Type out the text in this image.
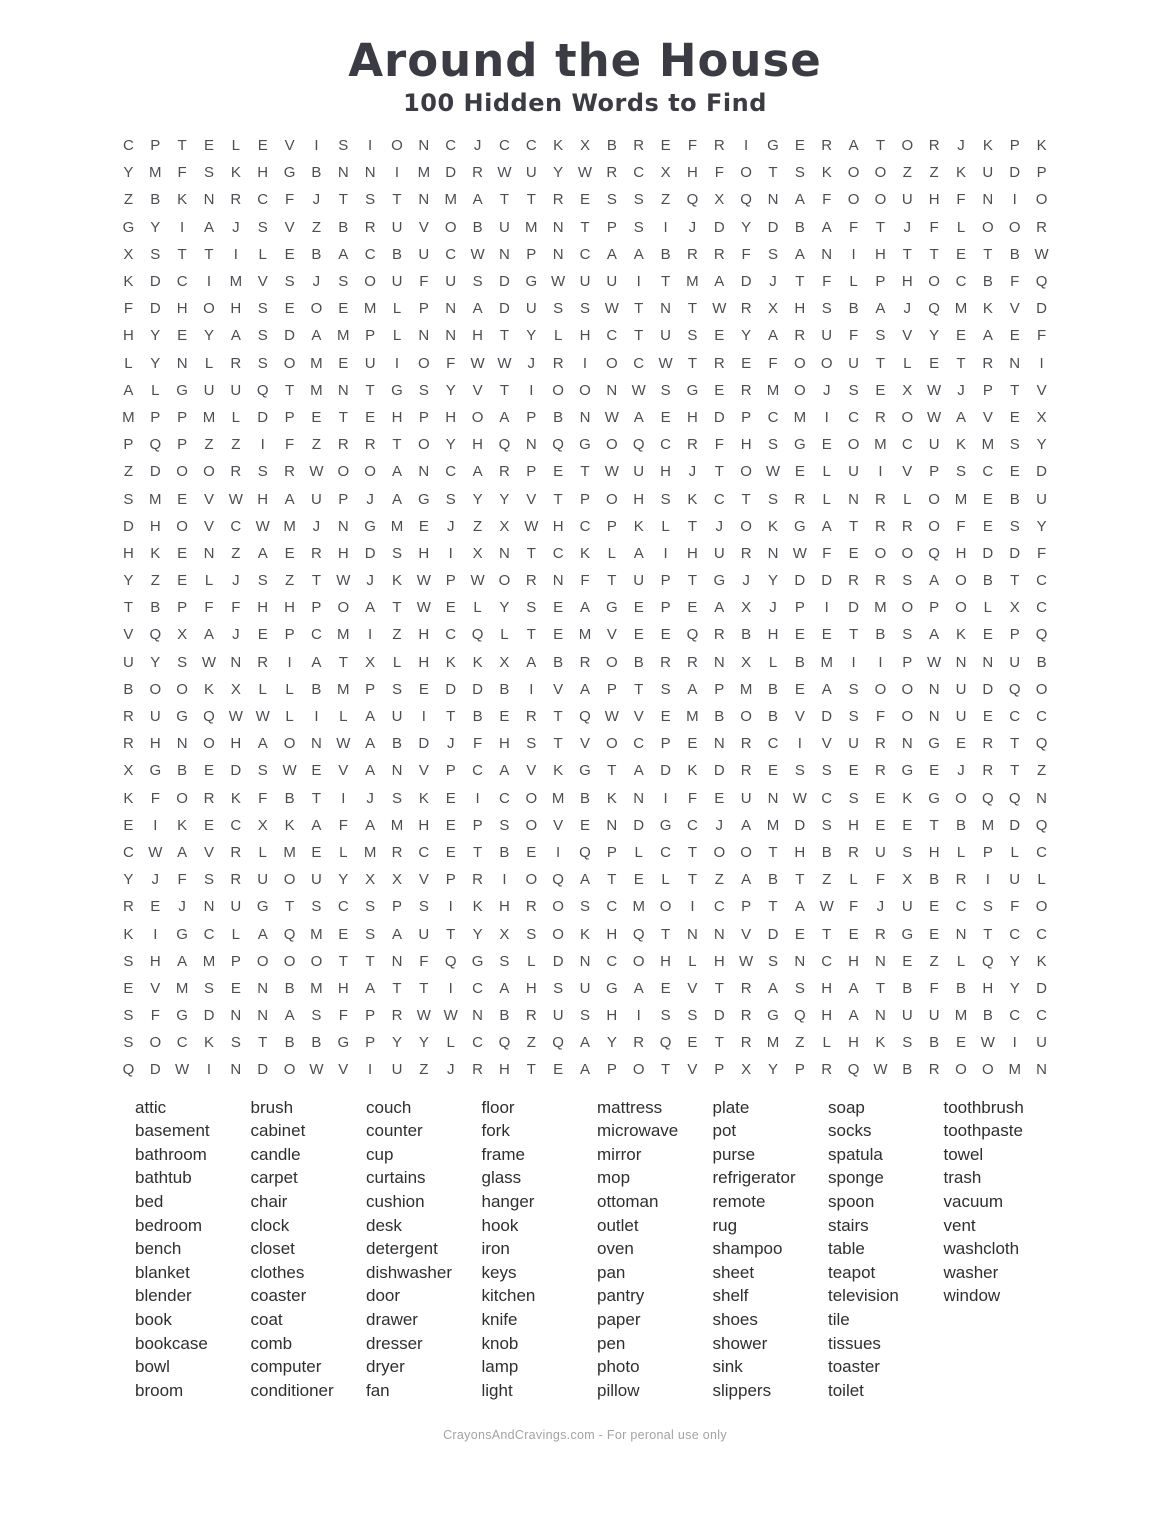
Around the House
100 Hidden Words to Find
C	P	T	E	L	E	V	I	S	I	O	N	C	J	C	C	K	X	B	R	E	F	R	I	G	E	R	A	T	O	R	J	K	P	K
Y	M	F	S	K	H	G	B	N	N	I	M	D	R W U	Y W R	C	X	H	F	O	T	S	K	O	O	Z	Z	K	U	D	P
Z	B	K	N	R	C	F	J	T	S	T	N	M	A	T	T	R	E	S	S	Z	Q	X	Q	N	A	F	O	O	U	H	F	N	I	O
G	Y	I	A	J	S	V	Z	B	R	U	V	O	B	U	M	N	T	P	S	I	J	D	Y	D	B	A	F	T	J	F	L	O	O	R
X	S	T	T	I	L	E	B	A	C	B	U	C W N	P	N	C	A	A	B	R	R	F	S	A	N	I	H	T	T	E	T	B W
K	D	C	I	M	V	S	J	S	O	U	F	U	S	D	G W U	U	I	T	M	A	D	J	T	F	L	P	H	O	C	B	F	Q
F	D	H	O	H	S	E	O	E	M	L	P	N	A	D	U	S	S W	T	N	T	W R	X	H	S	B	A	J	Q M	K	V	D
H	Y	E	Y	A	S	D	A	M	P	L	N	N	H	T	Y	L	H	C	T	U	S	E	Y	A	R	U	F	S	V	Y	E	A	E	F
L	Y	N	L	R	S	O M	E	U	I	O	F	W W	J	R	I	O	C W	T	R	E	F	O	O	U	T	L	E	T	R	N	I
A	L	G	U	U	Q	T	M	N	T	G	S	Y	V	T	I	O	O	N W S	G	E	R	M O	J	S	E	X W	J	P	T	V
M	P	P	M	L	D	P	E	T	E	H	P	H	O	A	P	B	N W A	E	H	D	P	C	M	I	C	R	O W A	V	E	X
P	Q	P	Z	Z	I	F	Z	R	R	T	O	Y	H	Q	N	Q	G	O	Q	C	R	F	H	S	G	E	O M	C	U	K	M	S	Y
Z	D	O	O	R	S	R W O	O	A	N	C	A	R	P	E	T	W U	H	J	T	O W E	L	U	I	V	P	S	C	E	D
S	M	E	V W H	A	U	P	J	A	G	S	Y	Y	V	T	P	O	H	S	K	C	T	S	R	L	N	R	L	O M	E	B	U
D	H	O	V	C W M	J	N	G M	E	J	Z	X W H	C	P	K	L	T	J	O	K	G	A	T	R	R	O	F	E	S	Y
H	K	E	N	Z	A	E	R	H	D	S	H	I	X	N	T	C	K	L	A	I	H	U	R	N W	F	E	O	O	Q	H	D	D	F
Y	Z	E	L	J	S	Z	T	W	J	K W P W O	R	N	F	T	U	P	T	G	J	Y	D	D	R	R	S	A	O	B	T	C
T	B	P	F	F	H	H	P	O	A	T	W E	L	Y	S	E	A	G	E	P	E	A	X	J	P	I	D	M O	P	O	L	X	C
V	Q	X	A	J	E	P	C	M	I	Z	H	C	Q	L	T	E	M	V	E	E	Q	R	B	H	E	E	T	B	S	A	K	E	P	Q
U	Y	S W N	R	I	A	T	X	L	H	K	K	X	A	B	R	O	B	R	R	N	X	L	B	M	I	I	P W N	N	U	B
B	O	O	K	X	L	L	B	M	P	S	E	D	D	B	I	V	A	P	T	S	A	P	M	B	E	A	S	O	O	N	U	D	Q	O
R	U	G	Q W W	L	I	L	A	U	I	T	B	E	R	T	Q W V	E	M	B	O	B	V	D	S	F	O	N	U	E	C	C
R	H	N	O	H	A	O	N W A	B	D	J	F	H	S	T	V	O	C	P	E	N	R	C	I	V	U	R	N	G	E	R	T	Q
X	G	B	E	D	S W E	V	A	N	V	P	C	A	V	K	G	T	A	D	K	D	R	E	S	S	E	R	G	E	J	R	T	Z
K	F	O	R	K	F	B	T	I	J	S	K	E	I	C	O M	B	K	N	I	F	E	U	N W C	S	E	K	G	O	Q	Q	N
E	I	K	E	C	X	K	A	F	A	M	H	E	P	S	O	V	E	N	D	G	C	J	A	M	D	S	H	E	E	T	B	M	D	Q
C W A	V	R	L	M	E	L	M	R	C	E	T	B	E	I	Q	P	L	C	T	O	O	T	H	B	R	U	S	H	L	P	L	C
Y	J	F	S	R	U	O	U	Y	X	X	V	P	R	I	O	Q	A	T	E	L	T	Z	A	B	T	Z	L	F	X	B	R	I	U	L
R	E	J	N	U	G	T	S	C	S	P	S	I	K	H	R	O	S	C	M O	I	C	P	T	A W	F	J	U	E	C	S	F	O
K	I	G	C	L	A	Q M	E	S	A	U	T	Y	X	S	O	K	H	Q	T	N	N	V	D	E	T	E	R	G	E	N	T	C	C
S	H	A	M	P	O	O	O	T	T	N	F	Q	G	S	L	D	N	C	O	H	L	H W S	N	C	H	N	E	Z	L	Q	Y	K
E	V	M	S	E	N	B	M	H	A	T	T	I	C	A	H	S	U	G	A	E	V	T	R	A	S	H	A	T	B	F	B	H	Y	D
S	F	G	D	N	N	A	S	F	P	R W W N	B	R	U	S	H	I	S	S	D	R	G	Q	H	A	N	U	U	M	B	C	C
S	O	C	K	S	T	B	B	G	P	Y	Y	L	C	Q	Z	Q	A	Y	R	Q	E	T	R	M	Z	L	H	K	S	B	E W	I	U
Q	D W	I	N	D	O W V	I	U	Z	J	R	H	T	E	A	P	O	T	V	P	X	Y	P	R	Q W B	R	O	O M	N
attic
basement
bathroom
bathtub
bed
bedroom
bench
blanket
blender
book
bookcase
bowl
broom
brush
cabinet
candle
carpet
chair
clock
closet
clothes
coaster
coat
comb
computer
conditioner
couch
counter
cup
curtains
cushion
desk
detergent
dishwasher
door
drawer
dresser
dryer
fan
floor
fork
frame
glass
hanger
hook
iron
keys
kitchen
knife
knob
lamp
light
mattress
microwave
mirror
mop
ottoman
outlet
oven
pan
pantry
paper
pen
photo
pillow
plate
pot
purse
refrigerator
remote
rug
shampoo
sheet
shelf
shoes
shower
sink
slippers
soap
socks
spatula
sponge
spoon
stairs
table
teapot
television
tile
tissues
toaster
toilet
toothbrush
toothpaste
towel
trash
vacuum
vent
washcloth
washer
window
CrayonsAndCravings.com - For peronal use only
